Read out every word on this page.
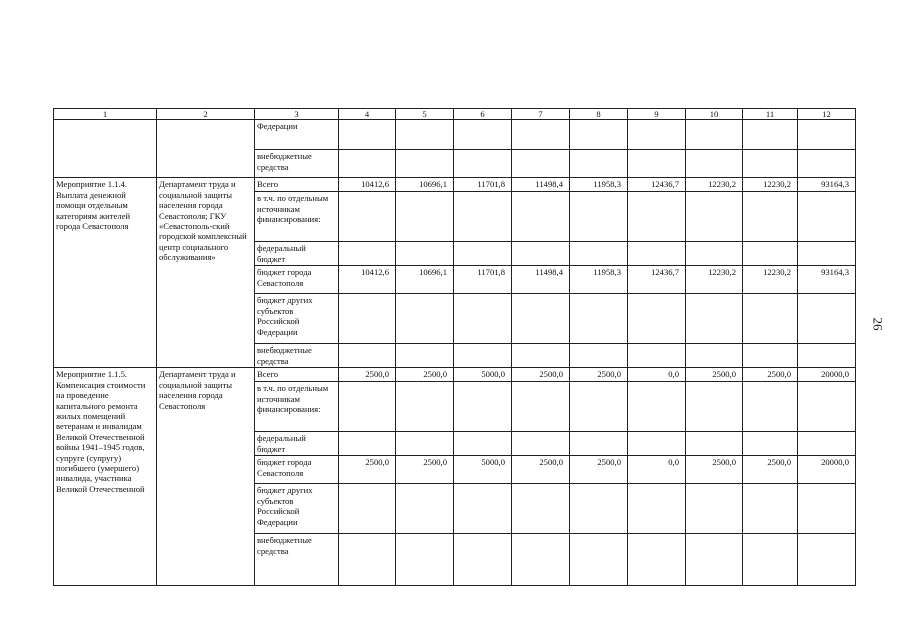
1	2	3	4	5	6	7	8	9	10	11	12
		Федерации									
		внебюджетные средства									
Мероприятие 1.1.4. Выплата денежной помощи отдельным категориям жителей города Севастополя	Департамент труда и социальной защиты населения города Севастополя; ГКУ «Севастополь-ский городской комплексный центр социального обслуживания»	Всего	10412,6	10696,1	11701,8	11498,4	11958,3	12436,7	12230,2	12230,2	93164,3
		в т.ч. по отдельным источникам финансирования:									
		федеральный бюджет									
		бюджет города Севастополя	10412,6	10696,1	11701,8	11498,4	11958,3	12436,7	12230,2	12230,2	93164,3
		бюджет других субъектов Российской Федерации									
		внебюджетные средства									
Мероприятие 1.1.5. Компенсация стоимости на проведение капитального ремонта жилых помещений ветеранам и инвалидам Великой Отечественной войны 1941–1945 годов, супруге (супругу) погибшего (умершего) инвалида, участника Великой Отечественной	Департамент труда и социальной защиты населения города Севастополя	Всего	2500,0	2500,0	5000,0	2500,0	2500,0	0,0	2500,0	2500,0	20000,0
		в т.ч. по отдельным источникам финансирования:									
		федеральный бюджет									
		бюджет города Севастополя	2500,0	2500,0	5000,0	2500,0	2500,0	0,0	2500,0	2500,0	20000,0
		бюджет других субъектов Российской Федерации									
		внебюджетные средства									
26
